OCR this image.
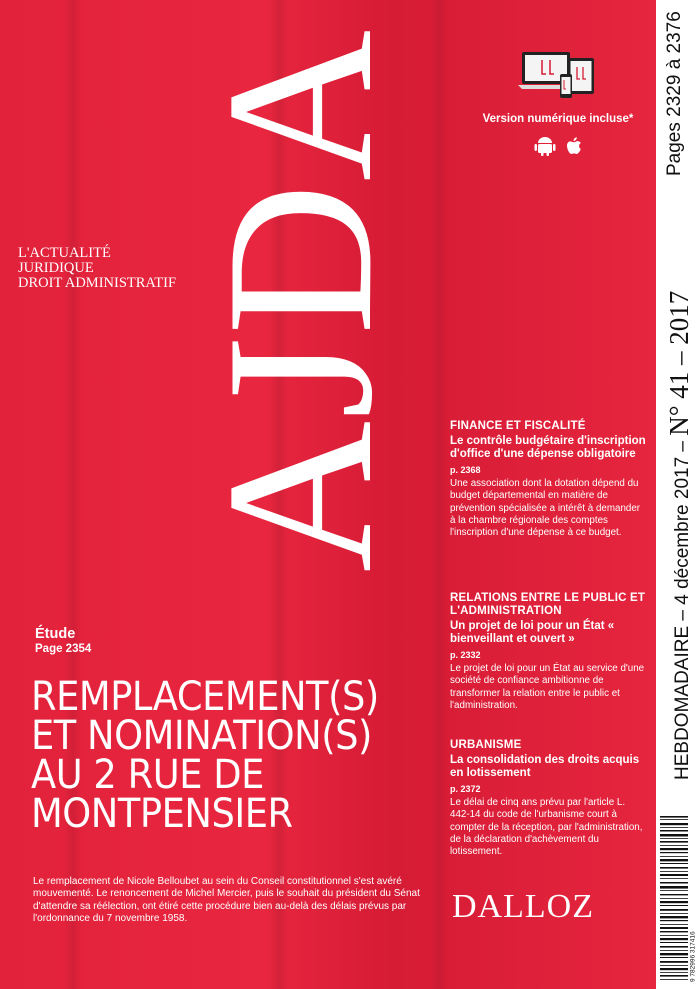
AJDA
L'ACTUALITÉ
JURIDIQUE
DROIT ADMINISTRATIF
Version numérique incluse*	Pages 2329 à 2376
HEBDOMADAIRE – 4 décembre 2017 – N° 41 – 2017
FINANCE ET FISCALITÉ
Le contrôle budgétaire d'inscription d'office d'une dépense obligatoire
p. 2368
Une association dont la dotation dépend du budget départemental en matière de prévention spécialisée a intérêt à demander à la chambre régionale des comptes l'inscription d'une dépense à ce budget.
RELATIONS ENTRE LE PUBLIC ET L'ADMINISTRATION
Un projet de loi pour un État « bienveillant et ouvert »
p. 2332
Le projet de loi pour un État au service d'une société de confiance ambitionne de transformer la relation entre le public et l'administration.
URBANISME
La consolidation des droits acquis en lotissement
p. 2372
Le délai de cinq ans prévu par l'article L. 442-14 du code de l'urbanisme court à compter de la réception, par l'administration, de la déclaration d'achèvement du lotissement.
Étude
Page 2354
REMPLACEMENT(S)
ET NOMINATION(S)
AU 2 RUE DE
MONTPENSIER
Le remplacement de Nicole Belloubet au sein du Conseil constitutionnel s'est avéré mouvementé. Le renoncement de Michel Mercier, puis le souhait du président du Sénat d'attendre sa réélection, ont étiré cette procédure bien au-delà des délais prévus par l'ordonnance du 7 novembre 1958.	DALLOZ
9 782996 317416
